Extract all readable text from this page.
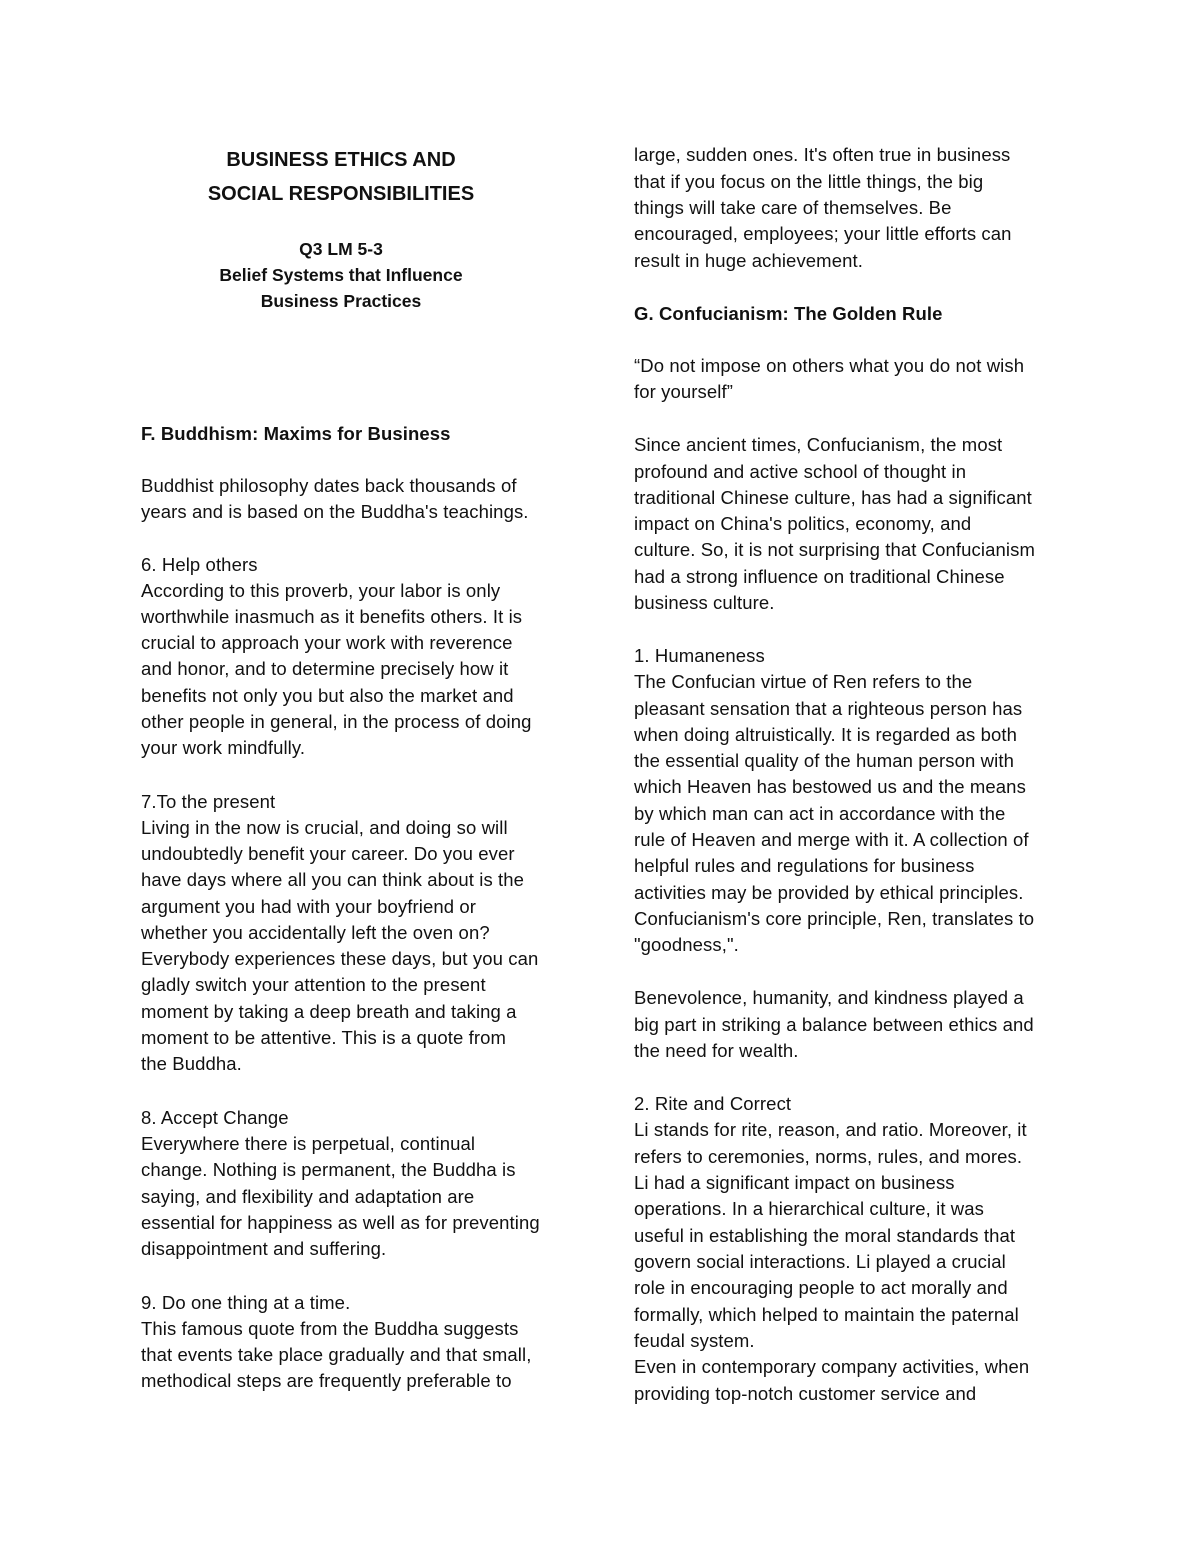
BUSINESS ETHICS AND
SOCIAL RESPONSIBILITIES
Q3 LM 5-3
Belief Systems that Influence
Business Practices
F. Buddhism: Maxims for Business
Buddhist philosophy dates back thousands of
years and is based on the Buddha's teachings.
6. Help others
According to this proverb, your labor is only
worthwhile inasmuch as it benefits others. It is
crucial to approach your work with reverence
and honor, and to determine precisely how it
benefits not only you but also the market and
other people in general, in the process of doing
your work mindfully.
7.To the present
Living in the now is crucial, and doing so will
undoubtedly benefit your career. Do you ever
have days where all you can think about is the
argument you had with your boyfriend or
whether you accidentally left the oven on?
Everybody experiences these days, but you can
gladly switch your attention to the present
moment by taking a deep breath and taking a
moment to be attentive. This is a quote from
the Buddha.
8. Accept Change
Everywhere there is perpetual, continual
change. Nothing is permanent, the Buddha is
saying, and flexibility and adaptation are
essential for happiness as well as for preventing
disappointment and suffering.
9. Do one thing at a time.
This famous quote from the Buddha suggests
that events take place gradually and that small,
methodical steps are frequently preferable to
large, sudden ones. It's often true in business
that if you focus on the little things, the big
things will take care of themselves. Be
encouraged, employees; your little efforts can
result in huge achievement.
G. Confucianism: The Golden Rule
“Do not impose on others what you do not wish
for yourself”
Since ancient times, Confucianism, the most
profound and active school of thought in
traditional Chinese culture, has had a significant
impact on China's politics, economy, and
culture. So, it is not surprising that Confucianism
had a strong influence on traditional Chinese
business culture.
1. Humaneness
The Confucian virtue of Ren refers to the
pleasant sensation that a righteous person has
when doing altruistically. It is regarded as both
the essential quality of the human person with
which Heaven has bestowed us and the means
by which man can act in accordance with the
rule of Heaven and merge with it. A collection of
helpful rules and regulations for business
activities may be provided by ethical principles.
Confucianism's core principle, Ren, translates to
"goodness,".
Benevolence, humanity, and kindness played a
big part in striking a balance between ethics and
the need for wealth.
2. Rite and Correct
Li stands for rite, reason, and ratio. Moreover, it
refers to ceremonies, norms, rules, and mores.
Li had a significant impact on business
operations. In a hierarchical culture, it was
useful in establishing the moral standards that
govern social interactions. Li played a crucial
role in encouraging people to act morally and
formally, which helped to maintain the paternal
feudal system.
Even in contemporary company activities, when
providing top-notch customer service and
